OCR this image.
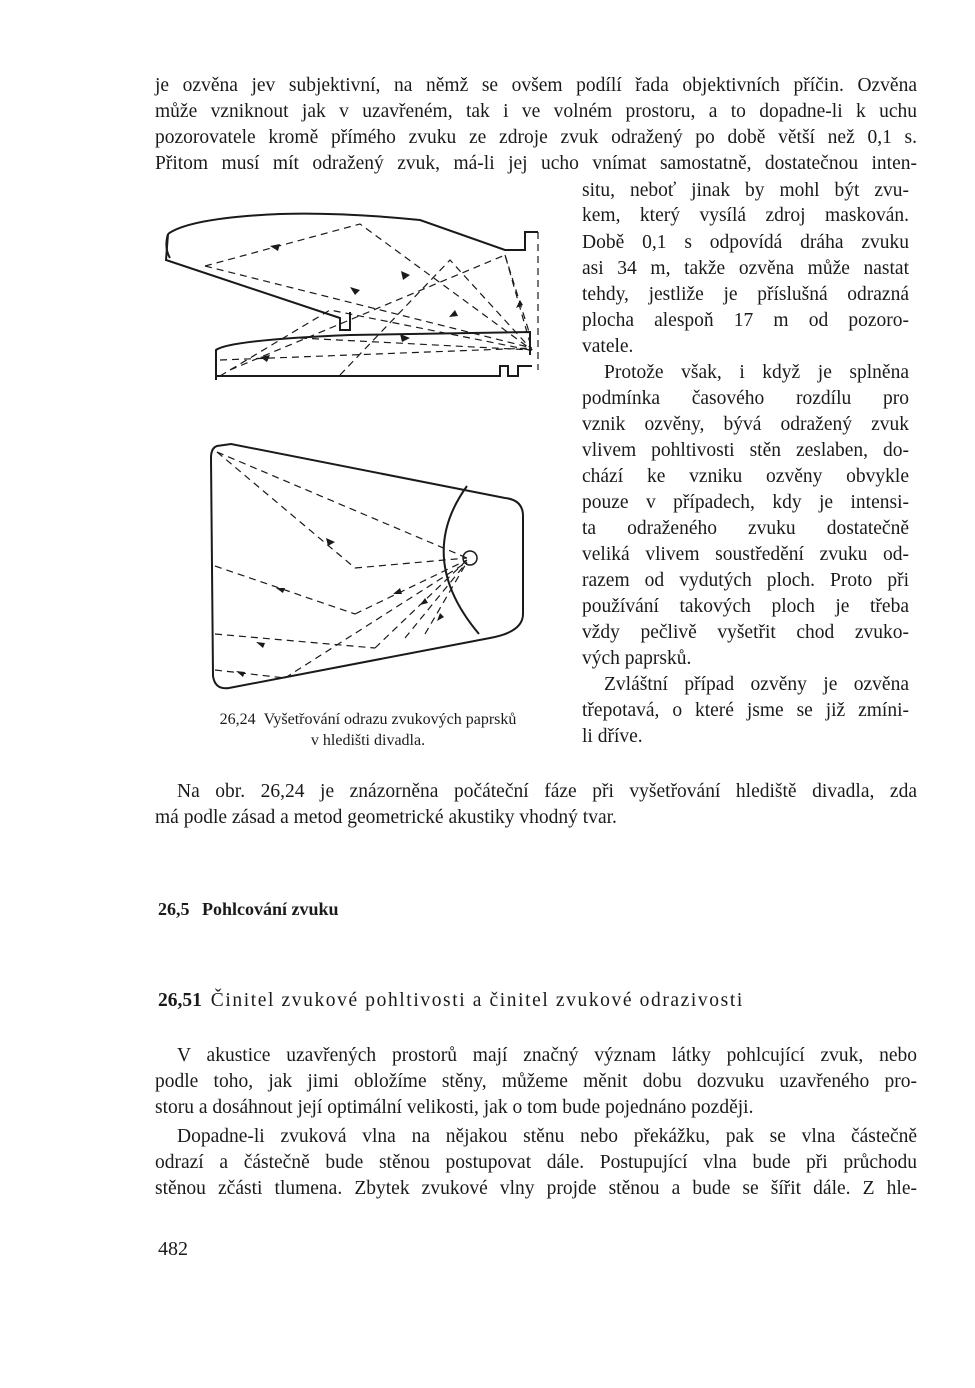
je ozvěna jev subjektivní, na němž se ovšem podílí řada objektivních příčin. Ozvěna
může vzniknout jak v uzavřeném, tak i ve volném prostoru, a to dopadne-li k uchu
pozorovatele kromě přímého zvuku ze zdroje zvuk odražený po době větší než 0,1 s.
Přitom musí mít odražený zvuk, má-li jej ucho vnímat samostatně, dostatečnou inten-
situ, neboť jinak by mohl být zvu-
kem, který vysílá zdroj maskován.
Době 0,1 s odpovídá dráha zvuku
asi 34 m, takže ozvěna může nastat
tehdy, jestliže je příslušná odrazná
plocha alespoň 17 m od pozoro-
vatele.
Protože však, i když je splněna
podmínka časového rozdílu pro
vznik ozvěny, bývá odražený zvuk
vlivem pohltivosti stěn zeslaben, do-
chází ke vzniku ozvěny obvykle
pouze v případech, kdy je intensi-
ta odraženého zvuku dostatečně
veliká vlivem soustředění zvuku od-
razem od vydutých ploch. Proto při
používání takových ploch je třeba
vždy pečlivě vyšetřit chod zvuko-
vých paprsků.
Zvláštní případ ozvěny je ozvěna
třepotavá, o které jsme se již zmíni-
li dříve.
26,24 Vyšetřování odrazu zvukových paprsků
v hledišti divadla.
Na obr. 26,24 je znázorněna počáteční fáze při vyšetřování hlediště divadla, zda
má podle zásad a metod geometrické akustiky vhodný tvar.
26,5 Pohlcování zvuku
26,51 Činitel zvukové pohltivosti a činitel zvukové odrazivosti
V akustice uzavřených prostorů mají značný význam látky pohlcující zvuk, nebo
podle toho, jak jimi obložíme stěny, můžeme měnit dobu dozvuku uzavřeného pro-
storu a dosáhnout její optimální velikosti, jak o tom bude pojednáno později.
Dopadne-li zvuková vlna na nějakou stěnu nebo překážku, pak se vlna částečně
odrazí a částečně bude stěnou postupovat dále. Postupující vlna bude při průchodu
stěnou zčásti tlumena. Zbytek zvukové vlny projde stěnou a bude se šířit dále. Z hle-
482
